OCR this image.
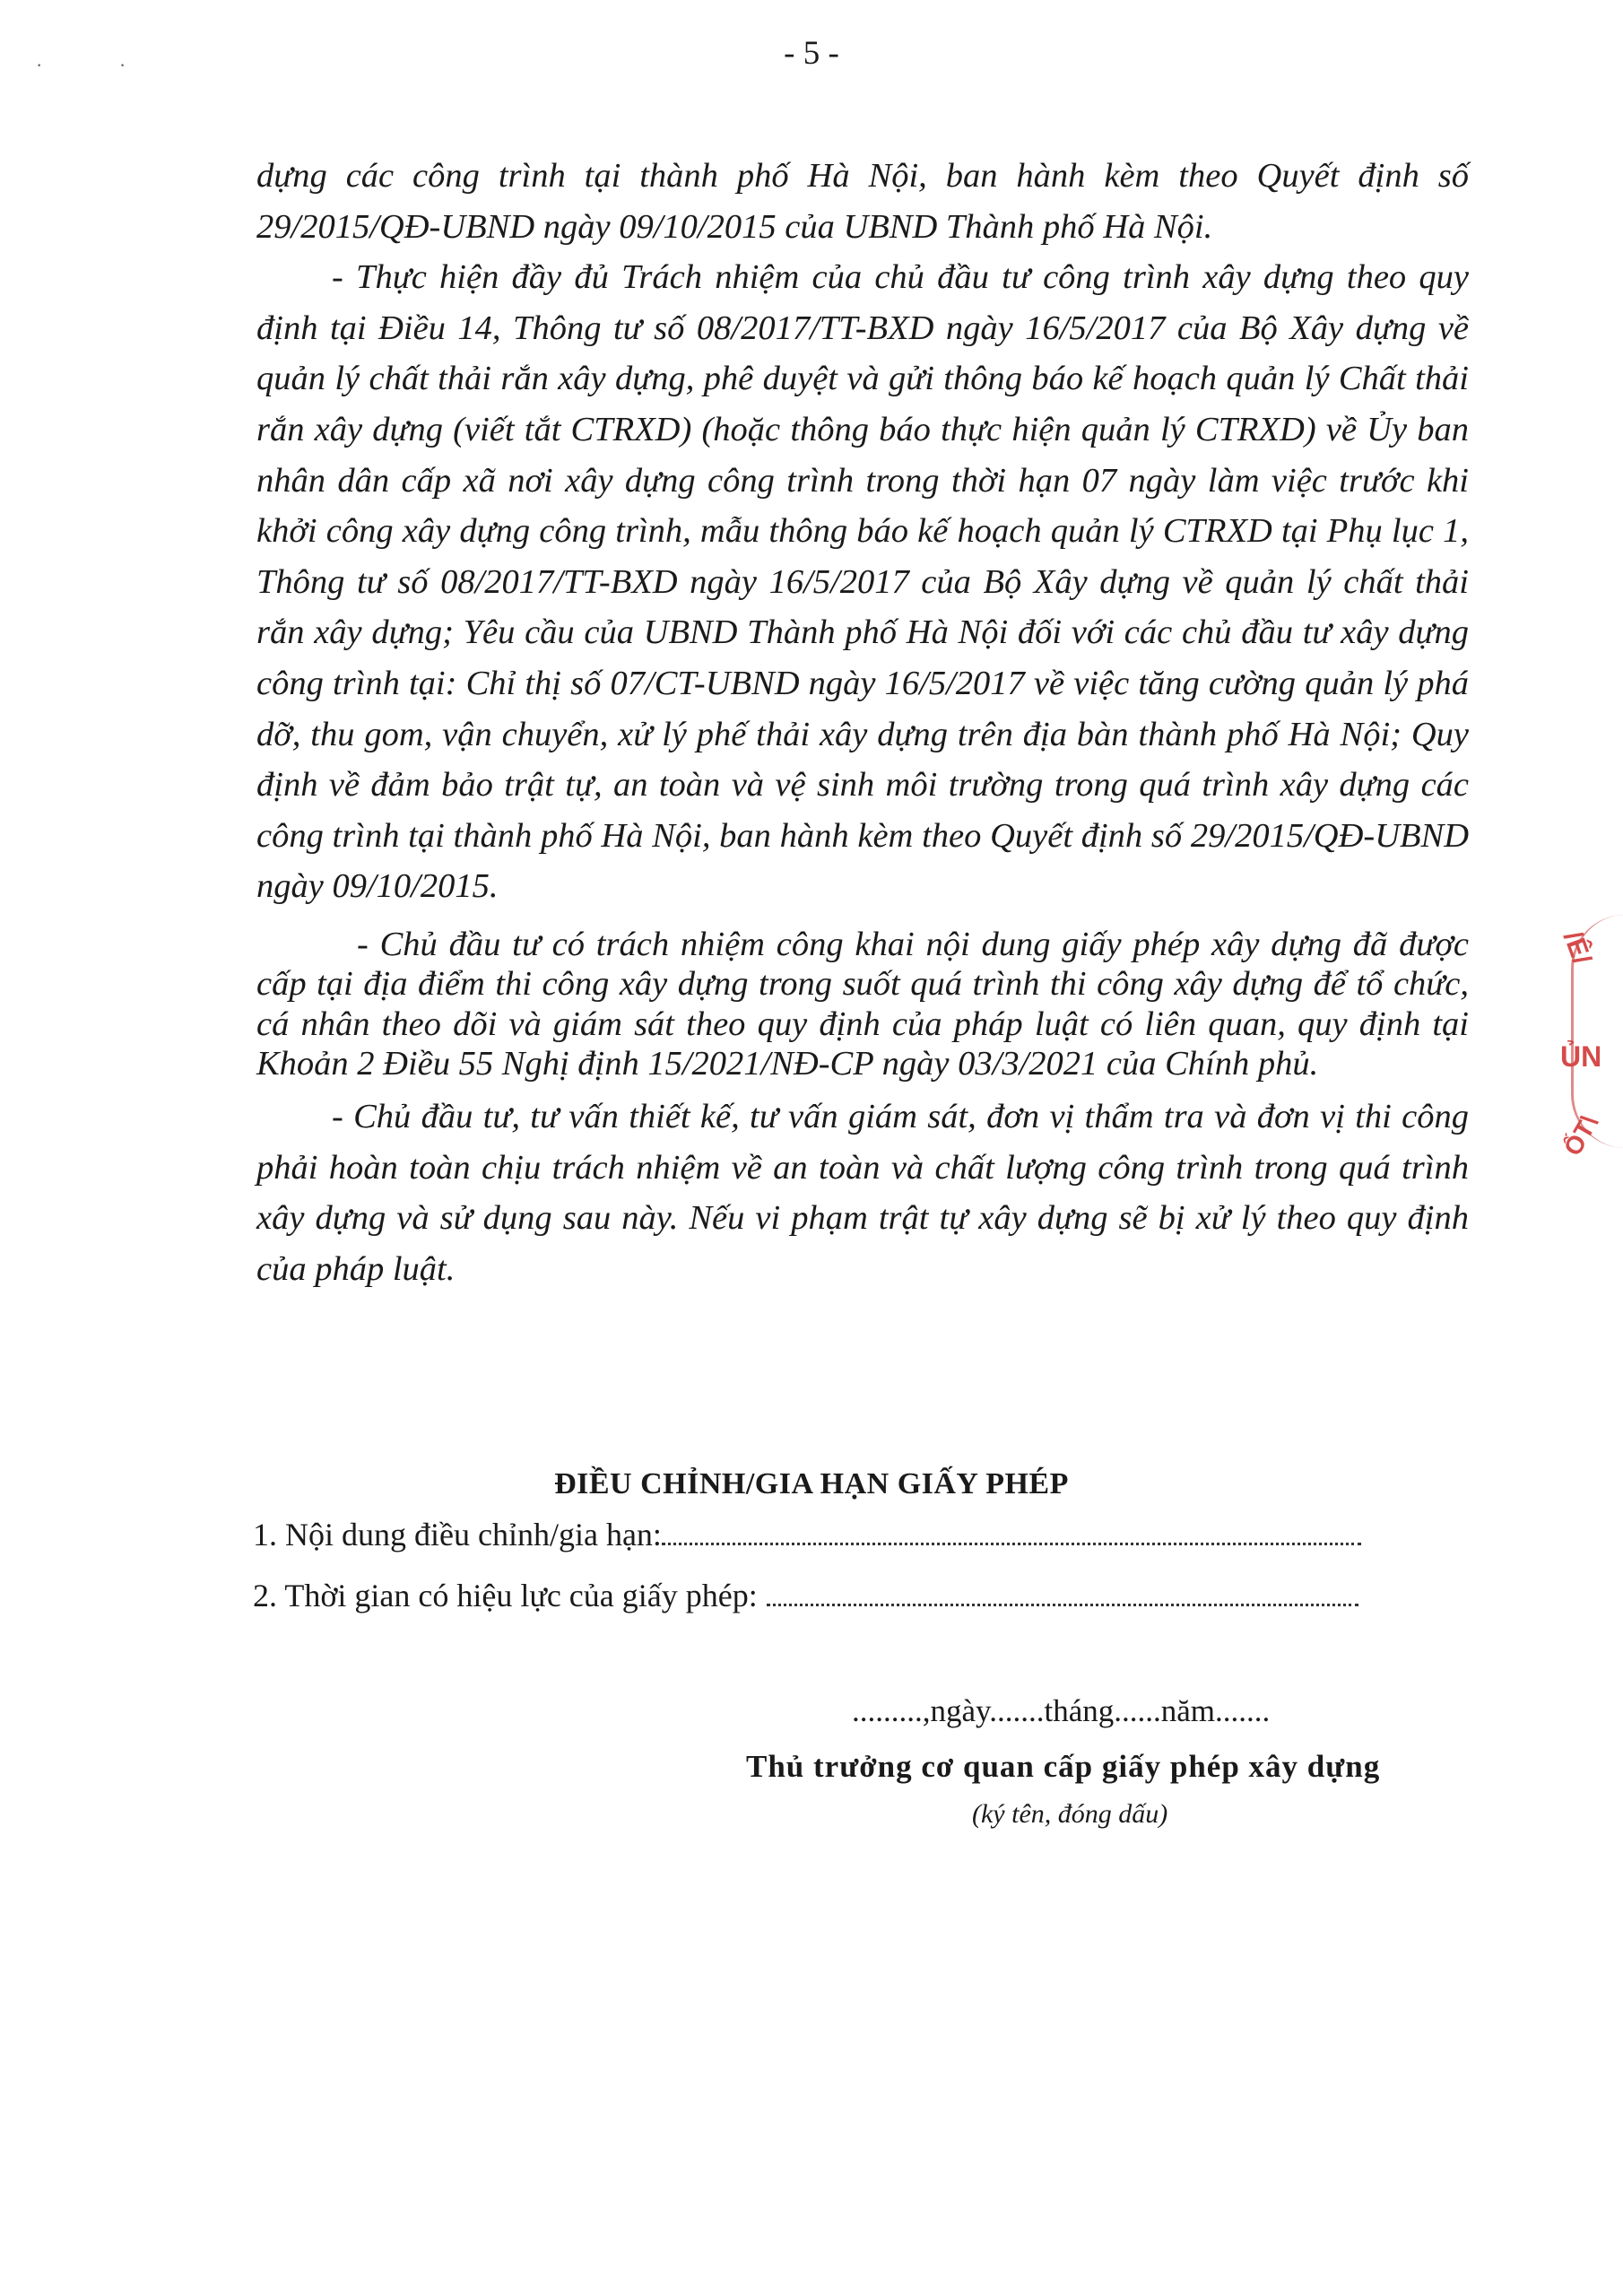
· ·	- 5 -

dựng các công trình tại thành phố Hà Nội, ban hành kèm theo Quyết định số 29/2015/QĐ-UBND ngày 09/10/2015 của UBND Thành phố Hà Nội.

- Thực hiện đầy đủ Trách nhiệm của chủ đầu tư công trình xây dựng theo quy định tại Điều 14, Thông tư số 08/2017/TT-BXD ngày 16/5/2017 của Bộ Xây dựng về quản lý chất thải rắn xây dựng, phê duyệt và gửi thông báo kế hoạch quản lý Chất thải rắn xây dựng (viết tắt CTRXD) (hoặc thông báo thực hiện quản lý CTRXD) về Ủy ban nhân dân cấp xã nơi xây dựng công trình trong thời hạn 07 ngày làm việc trước khi khởi công xây dựng công trình, mẫu thông báo kế hoạch quản lý CTRXD tại Phụ lục 1, Thông tư số 08/2017/TT-BXD ngày 16/5/2017 của Bộ Xây dựng về quản lý chất thải rắn xây dựng; Yêu cầu của UBND Thành phố Hà Nội đối với các chủ đầu tư xây dựng công trình tại: Chỉ thị số 07/CT-UBND ngày 16/5/2017 về việc tăng cường quản lý phá dỡ, thu gom, vận chuyển, xử lý phế thải xây dựng trên địa bàn thành phố Hà Nội; Quy định về đảm bảo trật tự, an toàn và vệ sinh môi trường trong quá trình xây dựng các công trình tại thành phố Hà Nội, ban hành kèm theo Quyết định số 29/2015/QĐ-UBND ngày 09/10/2015.

- Chủ đầu tư có trách nhiệm công khai nội dung giấy phép xây dựng đã được cấp tại địa điểm thi công xây dựng trong suốt quá trình thi công xây dựng để tổ chức, cá nhân theo dõi và giám sát theo quy định của pháp luật có liên quan, quy định tại Khoản 2 Điều 55 Nghị định 15/2021/NĐ-CP ngày 03/3/2021 của Chính phủ.

- Chủ đầu tư, tư vấn thiết kế, tư vấn giám sát, đơn vị thẩm tra và đơn vị thi công phải hoàn toàn chịu trách nhiệm về an toàn và chất lượng công trình trong quá trình xây dựng và sử dụng sau này. Nếu vi phạm trật tự xây dựng sẽ bị xử lý theo quy định của pháp luật.

ĐIỀU CHỈNH/GIA HẠN GIẤY PHÉP
1. Nội dung điều chỉnh/gia hạn:
2. Thời gian có hiệu lực của giấy phép:
.........,ngày.......tháng......năm.......
Thủ trưởng cơ quan cấp giấy phép xây dựng
(ký tên, đóng dấu)
/Ê/
ỦN
ỐT\
